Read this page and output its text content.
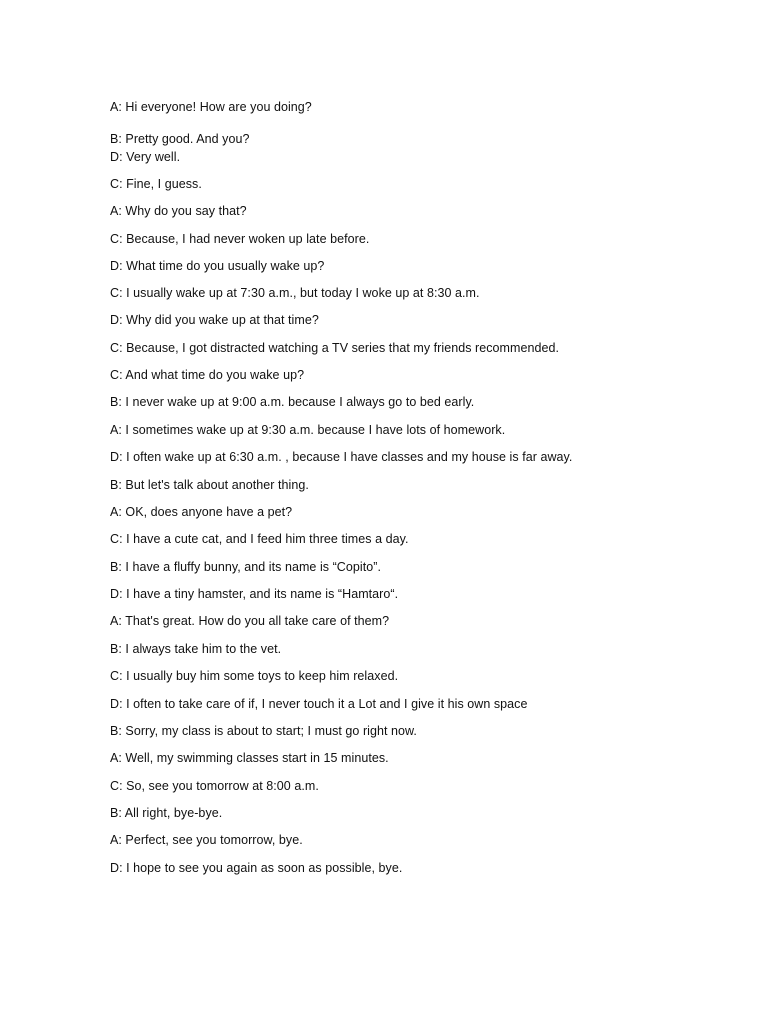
A: Hi everyone! How are you doing?
B: Pretty good. And you?
D: Very well.
C: Fine, I guess.
A: Why do you say that?
C: Because, I had never woken up late before.
D: What time do you usually wake up?
C: I usually wake up at 7:30 a.m., but today I woke up at 8:30 a.m.
D: Why did you wake up at that time?
C: Because, I got distracted watching a TV series that my friends recommended.
C: And what time do you wake up?
B: I never wake up at 9:00 a.m. because I always go to bed early.
A: I sometimes wake up at 9:30 a.m. because I have lots of homework.
D: I often wake up at 6:30 a.m. , because I have classes and my house is far away.
B: But let's talk about another thing.
A: OK, does anyone have a pet?
C: I have a cute cat, and I feed him three times a day.
B: I have a fluffy bunny, and its name is “Copito”.
D: I have a tiny hamster, and its name is “Hamtaro“.
A: That's great. How do you all take care of them?
B: I always take him to the vet.
C: I usually buy him some toys to keep him relaxed.
D: I often to take care of if, I never touch it a Lot and I give it his own space
B: Sorry, my class is about to start; I must go right now.
A: Well, my swimming classes start in 15 minutes.
C: So, see you tomorrow at 8:00 a.m.
B: All right, bye-bye.
A: Perfect, see you tomorrow, bye.
D: I hope to see you again as soon as possible, bye.
